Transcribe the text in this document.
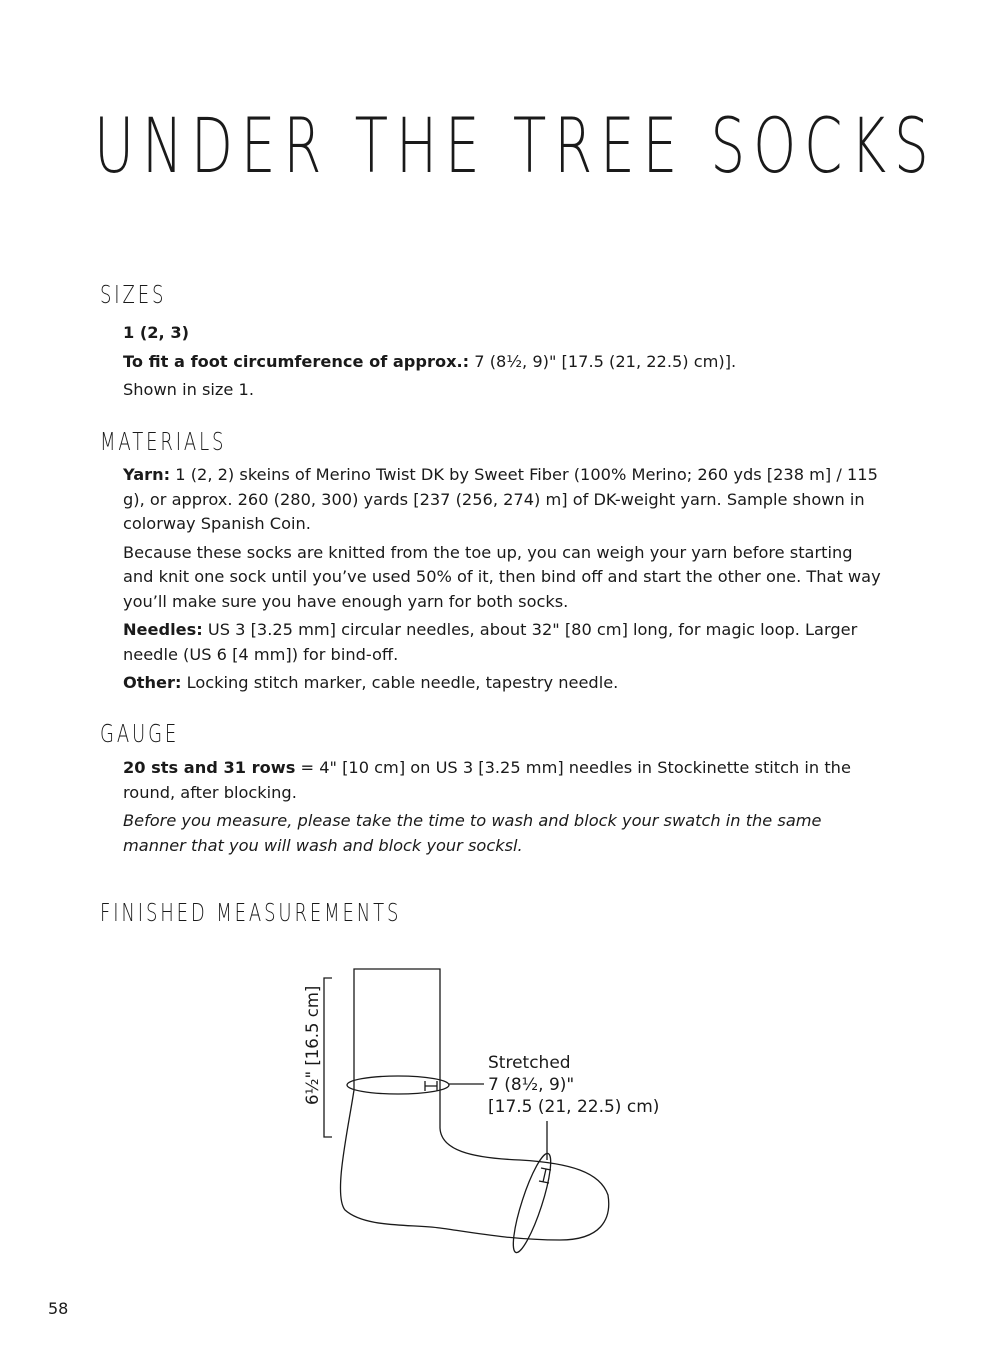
UNDER THE TREE SOCKS
SIZES

1 (2, 3)

To fit a foot circumference of approx.: 7 (8½, 9)" [17.5 (21, 22.5) cm)].

Shown in size 1.

MATERIALS

Yarn: 1 (2, 2) skeins of Merino Twist DK by Sweet Fiber (100% Merino; 260 yds [238 m] / 115 g), or approx. 260 (280, 300) yards [237 (256, 274) m] of DK-weight yarn. Sample shown in colorway Spanish Coin.

Because these socks are knitted from the toe up, you can weigh your yarn before starting and knit one sock until you’ve used 50% of it, then bind off and start the other one. That way you’ll make sure you have enough yarn for both socks.

Needles: US 3 [3.25 mm] circular needles, about 32" [80 cm] long, for magic loop. Larger needle (US 6 [4 mm]) for bind-off.

Other: Locking stitch marker, cable needle, tapestry needle.

GAUGE

20 sts and 31 rows = 4" [10 cm] on US 3 [3.25 mm] needles in Stockinette stitch in the round, after blocking.

Before you measure, please take the time to wash and block your swatch in the same manner that you will wash and block your socksl.

FINISHED MEASUREMENTS
6½" [16.5 cm]	Stretched
7 (8½, 9)"
[17.5 (21, 22.5) cm)
58
